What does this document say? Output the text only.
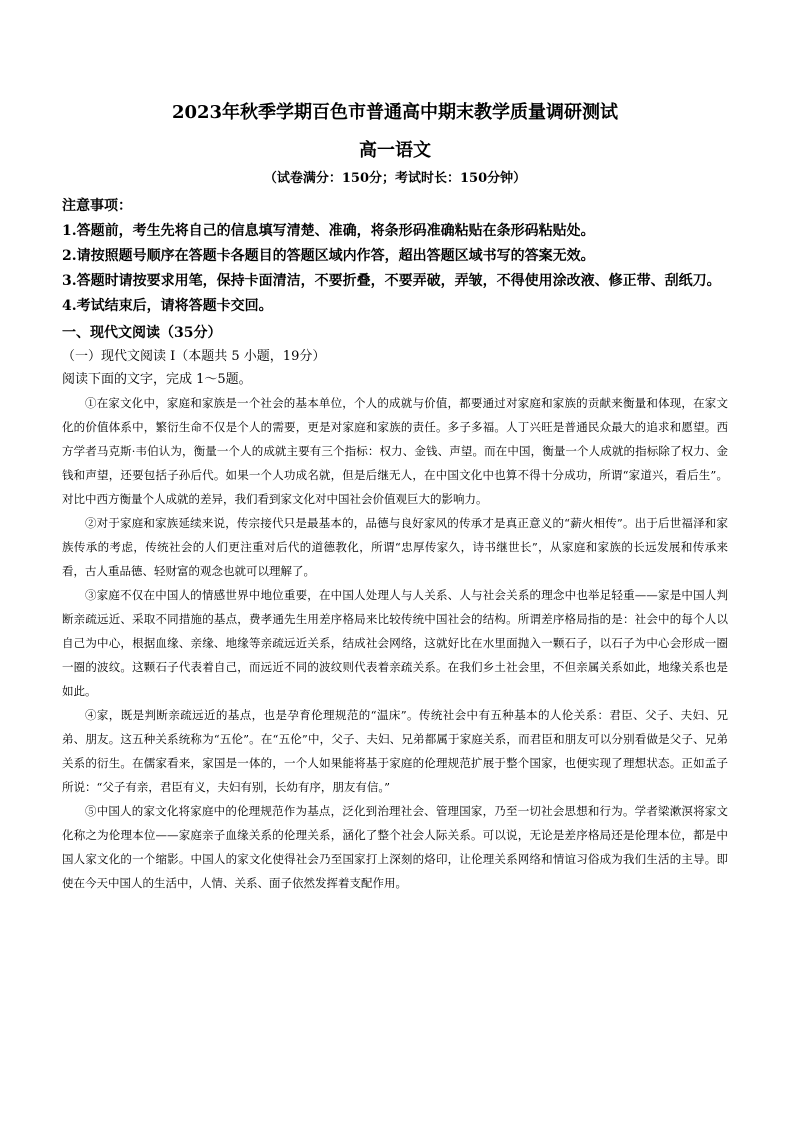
2023年秋季学期百色市普通高中期末教学质量调研测试
高一语文
（试卷满分：150分；考试时长：150分钟）
注意事项：
1.答题前，考生先将自己的信息填写清楚、准确，将条形码准确粘贴在条形码粘贴处。
2.请按照题号顺序在答题卡各题目的答题区域内作答，超出答题区域书写的答案无效。
3.答题时请按要求用笔，保持卡面清洁，不要折叠，不要弄破，弄皱，不得使用涂改液、修正带、刮纸刀。
4.考试结束后，请将答题卡交回。
一、现代文阅读（35分）
（一）现代文阅读 I（本题共 5 小题，19分）
阅读下面的文字，完成 1～5题。

①在家文化中，家庭和家族是一个社会的基本单位，个人的成就与价值，都要通过对家庭和家族的贡献来衡量和体现，在家文化的价值体系中，繁衍生命不仅是个人的需要，更是对家庭和家族的责任。多子多福。人丁兴旺是普通民众最大的追求和愿望。西方学者马克斯·韦伯认为，衡量一个人的成就主要有三个指标：权力、金钱、声望。而在中国，衡量一个人成就的指标除了权力、金钱和声望，还要包括子孙后代。如果一个人功成名就，但是后继无人，在中国文化中也算不得十分成功，所谓“家道兴，看后生”。对比中西方衡量个人成就的差异，我们看到家文化对中国社会价值观巨大的影响力。

②对于家庭和家族延续来说，传宗接代只是最基本的，品德与良好家风的传承才是真正意义的“薪火相传”。出于后世福泽和家族传承的考虑，传统社会的人们更注重对后代的道德教化，所谓“忠厚传家久，诗书继世长”，从家庭和家族的长远发展和传承来看，古人重品德、轻财富的观念也就可以理解了。

③家庭不仅在中国人的情感世界中地位重要，在中国人处理人与人关系、人与社会关系的理念中也举足轻重——家是中国人判断亲疏远近、采取不同措施的基点，费孝通先生用差序格局来比较传统中国社会的结构。所谓差序格局指的是：社会中的每个人以自己为中心，根据血缘、亲缘、地缘等亲疏远近关系，结成社会网络，这就好比在水里面抛入一颗石子，以石子为中心会形成一圈一圈的波纹。这颗石子代表着自己，而远近不同的波纹则代表着亲疏关系。在我们乡土社会里，不但亲属关系如此，地缘关系也是如此。

④家，既是判断亲疏远近的基点，也是孕育伦理规范的“温床”。传统社会中有五种基本的人伦关系：君臣、父子、夫妇、兄弟、朋友。这五种关系统称为“五伦”。在“五伦”中，父子、夫妇、兄弟都属于家庭关系，而君臣和朋友可以分别看做是父子、兄弟关系的衍生。在儒家看来，家国是一体的，一个人如果能将基于家庭的伦理规范扩展于整个国家，也便实现了理想状态。正如孟子所说：“父子有亲，君臣有义，夫妇有别，长幼有序，朋友有信。”

⑤中国人的家文化将家庭中的伦理规范作为基点，泛化到治理社会、管理国家，乃至一切社会思想和行为。学者梁漱溟将家文化称之为伦理本位——家庭亲子血缘关系的伦理关系，涵化了整个社会人际关系。可以说，无论是差序格局还是伦理本位，都是中国人家文化的一个缩影。中国人的家文化使得社会乃至国家打上深刻的烙印，让伦理关系网络和情谊习俗成为我们生活的主导。即使在今天中国人的生活中，人情、关系、面子依然发挥着支配作用。
